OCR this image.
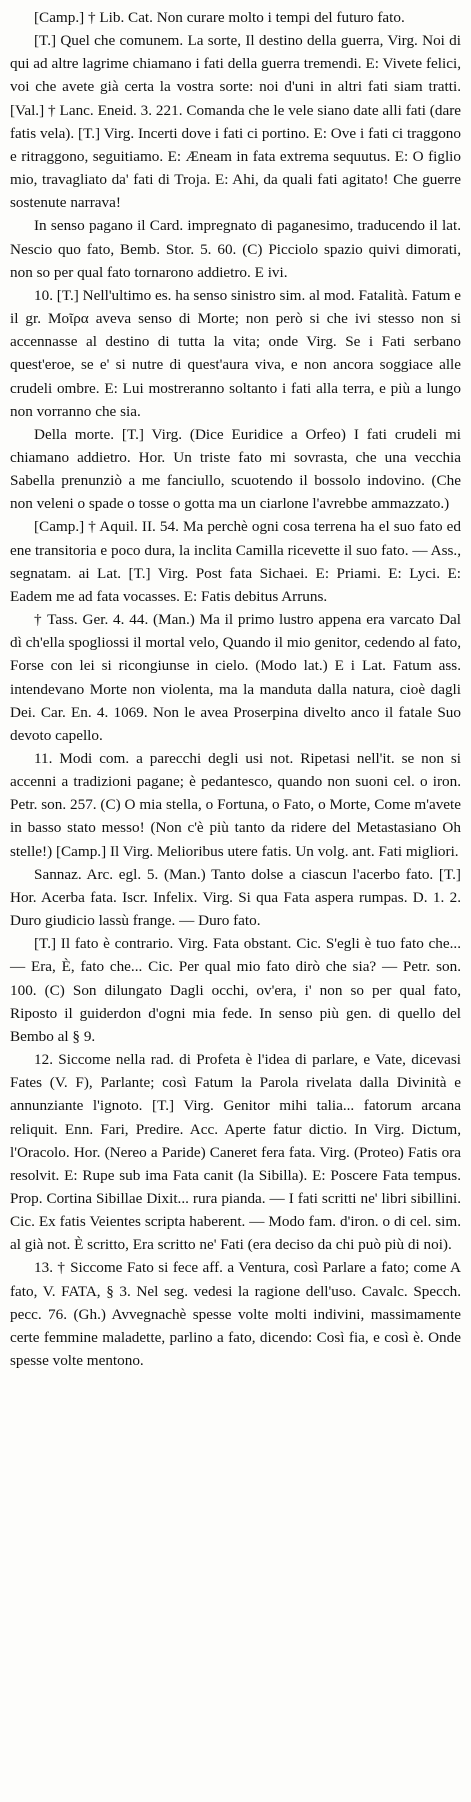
[Camp.] † Lib. Cat. Non curare molto i tempi del futuro fato.

[T.] Quel che comunem. La sorte, Il destino della guerra, Virg. Noi di qui ad altre lagrime chiamano i fati della guerra tremendi. E: Vivete felici, voi che avete già certa la vostra sorte: noi d'uni in altri fati siam tratti. [Val.] † Lanc. Eneid. 3. 221. Comanda che le vele siano date alli fati (dare fatis vela). [T.] Virg. Incerti dove i fati ci portino. E: Ove i fati ci traggono e ritraggono, seguitiamo. E: Æneam in fata extrema sequutus. E: O figlio mio, travagliato da' fati di Troja. E: Ahi, da quali fati agitato! Che guerre sostenute narrava!

In senso pagano il Card. impregnato di paganesimo, traducendo il lat. Nescio quo fato, Bemb. Stor. 5. 60. (C) Picciolo spazio quivi dimorati, non so per qual fato tornarono addietro. E ivi.

10. [T.] Nell'ultimo es. ha senso sinistro sim. al mod. Fatalità. Fatum e il gr. Μοῖρα aveva senso di Morte; non però si che ivi stesso non si accennasse al destino di tutta la vita; onde Virg. Se i Fati serbano quest'eroe, se e' si nutre di quest'aura viva, e non ancora soggiace alle crudeli ombre. E: Lui mostreranno soltanto i fati alla terra, e più a lungo non vorranno che sia.

Della morte. [T.] Virg. (Dice Euridice a Orfeo) I fati crudeli mi chiamano addietro. Hor. Un triste fato mi sovrasta, che una vecchia Sabella prenunziò a me fanciullo, scuotendo il bossolo indovino. (Che non veleni o spade o tosse o gotta ma un ciarlone l'avrebbe ammazzato.)

[Camp.] † Aquil. II. 54. Ma perchè ogni cosa terrena ha el suo fato ed ene transitoria e poco dura, la inclita Camilla ricevette il suo fato. — Ass., segnatam. ai Lat. [T.] Virg. Post fata Sichaei. E: Priami. E: Lyci. E: Eadem me ad fata vocasses. E: Fatis debitus Arruns.

† Tass. Ger. 4. 44. (Man.) Ma il primo lustro appena era varcato Dal dì ch'ella spogliossi il mortal velo, Quando il mio genitor, cedendo al fato, Forse con lei si ricongiunse in cielo. (Modo lat.) E i Lat. Fatum ass. intendevano Morte non violenta, ma la manduta dalla natura, cioè dagli Dei. Car. En. 4. 1069. Non le avea Proserpina divelto anco il fatale Suo devoto capello.

11. Modi com. a parecchi degli usi not. Ripetasi nell'it. se non si accenni a tradizioni pagane; è pedantesco, quando non suoni cel. o iron. Petr. son. 257. (C) O mia stella, o Fortuna, o Fato, o Morte, Come m'avete in basso stato messo! (Non c'è più tanto da ridere del Metastasiano Oh stelle!) [Camp.] Il Virg. Melioribus utere fatis. Un volg. ant. Fati migliori.

Sannaz. Arc. egl. 5. (Man.) Tanto dolse a ciascun l'acerbo fato. [T.] Hor. Acerba fata. Iscr. Infelix. Virg. Si qua Fata aspera rumpas. D. 1. 2. Duro giudicio lassù frange. — Duro fato.

[T.] Il fato è contrario. Virg. Fata obstant. Cic. S'egli è tuo fato che... — Era, È, fato che... Cic. Per qual mio fato dirò che sia? — Petr. son. 100. (C) Son dilungato Dagli occhi, ov'era, i' non so per qual fato, Riposto il guiderdon d'ogni mia fede. In senso più gen. di quello del Bembo al § 9.

12. Siccome nella rad. di Profeta è l'idea di parlare, e Vate, dicevasi Fates (V. F), Parlante; così Fatum la Parola rivelata dalla Divinità e annunziante l'ignoto. [T.] Virg. Genitor mihi talia... fatorum arcana reliquit. Enn. Fari, Predire. Acc. Aperte fatur dictio. In Virg. Dictum, l'Oracolo. Hor. (Nereo a Paride) Caneret fera fata. Virg. (Proteo) Fatis ora resolvit. E: Rupe sub ima Fata canit (la Sibilla). E: Poscere Fata tempus. Prop. Cortina Sibillae Dixit... rura pianda. — I fati scritti ne' libri sibillini. Cic. Ex fatis Veientes scripta haberent. — Modo fam. d'iron. o di cel. sim. al già not. È scritto, Era scritto ne' Fati (era deciso da chi può più di noi).

13. † Siccome Fato si fece aff. a Ventura, così Parlare a fato; come A fato, V. FATA, § 3. Nel seg. vedesi la ragione dell'uso. Cavalc. Specch. pecc. 76. (Gh.) Avvegnachè spesse volte molti indivini, massimamente certe femmine maladette, parlino a fato, dicendo: Così fia, e così è. Onde spesse volte mentono.
